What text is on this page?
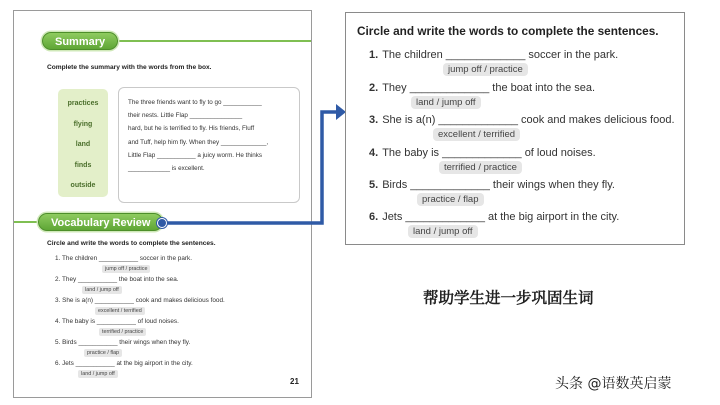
Summary
Complete the summary with the words from the box.
practices
flying
land
finds
outside
The three friends want to fly to go ___________
their nests. Little Flap _______________
hard, but he is terrified to fly. His friends, Fluff
and Tuff, help him fly. When they _____________,
Little Flap ___________ a juicy worm. He thinks
____________ is excellent.
Vocabulary Review
Circle and write the words to complete the sentences.
1. The children ___________ soccer in the park.
jump off / practice
2. They ___________ the boat into the sea.
land / jump off
3. She is a(n) ___________ cook and makes delicious food.
excellent / terrified
4. The baby is ___________ of loud noises.
terrified / practice
5. Birds ___________ their wings when they fly.
practice / flap
6. Jets ___________ at the big airport in the city.
land / jump off
21
Circle and write the words to complete the sentences.
1. The children _____________ soccer in the park.
jump off / practice
2. They _____________ the boat into the sea.
land / jump off
3. She is a(n) _____________ cook and makes delicious food.
excellent / terrified
4. The baby is _____________ of loud noises.
terrified / practice
5. Birds _____________ their wings when they fly.
practice / flap
6. Jets _____________ at the big airport in the city.
land / jump off
帮助学生进一步巩固生词
头条 @语数英启蒙
